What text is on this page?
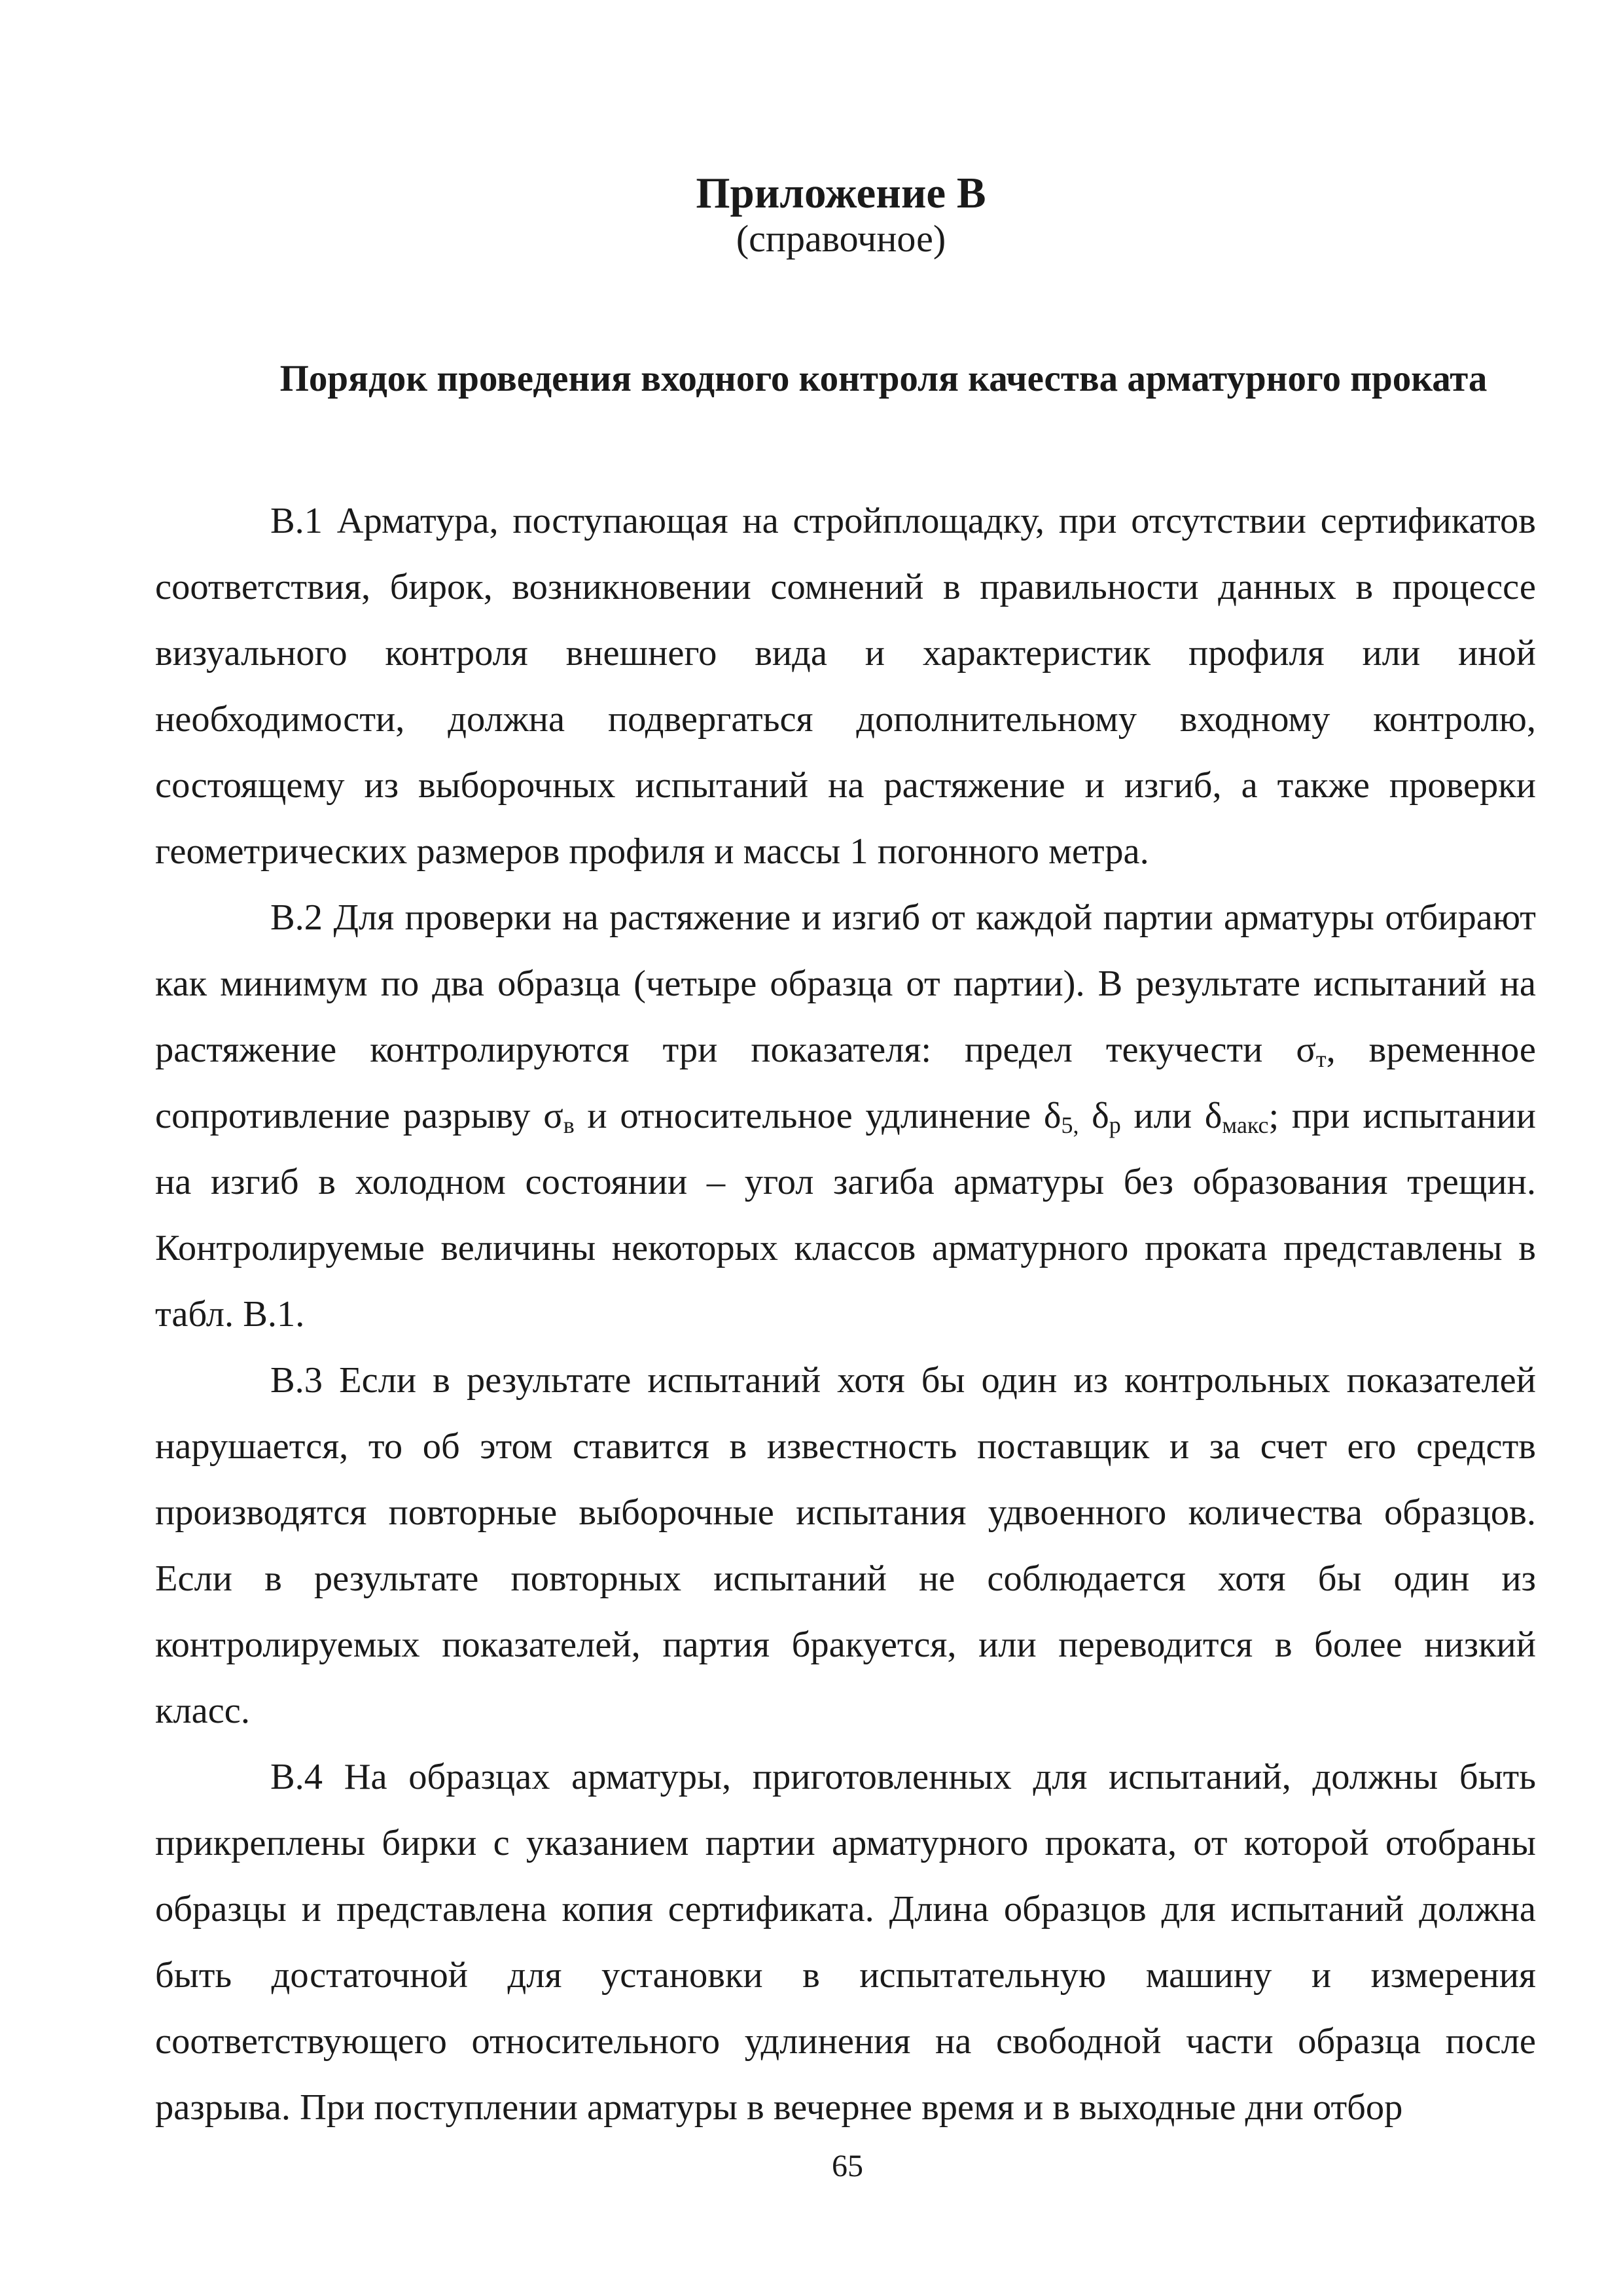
Приложение В
(справочное)
Порядок проведения входного контроля качества арматурного проката

В.1 Арматура, поступающая на стройплощадку, при отсутствии сертификатов соответствия, бирок, возникновении сомнений в правильности данных в процессе визуального контроля внешнего вида и характеристик профиля или иной необходимости, должна подвергаться дополнительному входному контролю, состоящему из выборочных испытаний на растяжение и изгиб, а также проверки геометрических размеров профиля и массы 1 погонного метра.

В.2 Для проверки на растяжение и изгиб от каждой партии арматуры отбирают как минимум по два образца (четыре образца от партии). В результате испытаний на растяжение контролируются три показателя: предел текучести $\sigma_т$, временное сопротивление разрыву $\sigma_в$ и относительное удлинение $\delta_{5,}$ $\delta_р$ или $\delta_{макс}$; при испытании на изгиб в холодном состоянии – угол загиба арматуры без образования трещин. Контролируемые величины некоторых классов арматурного проката представлены в табл. В.1.

В.3 Если в результате испытаний хотя бы один из контрольных показателей нарушается, то об этом ставится в известность поставщик и за счет его средств производятся повторные выборочные испытания удвоенного количества образцов. Если в результате повторных испытаний не соблюдается хотя бы один из контролируемых показателей, партия бракуется, или переводится в более низкий класс.

В.4 На образцах арматуры, приготовленных для испытаний, должны быть прикреплены бирки с указанием партии арматурного проката, от которой отобраны образцы и представлена копия сертификата. Длина образцов для испытаний должна быть достаточной для установки в испытательную машину и измерения соответствующего относительного удлинения на свободной части образца после разрыва. При поступлении арматуры в вечернее время и в выходные дни отбор

65
